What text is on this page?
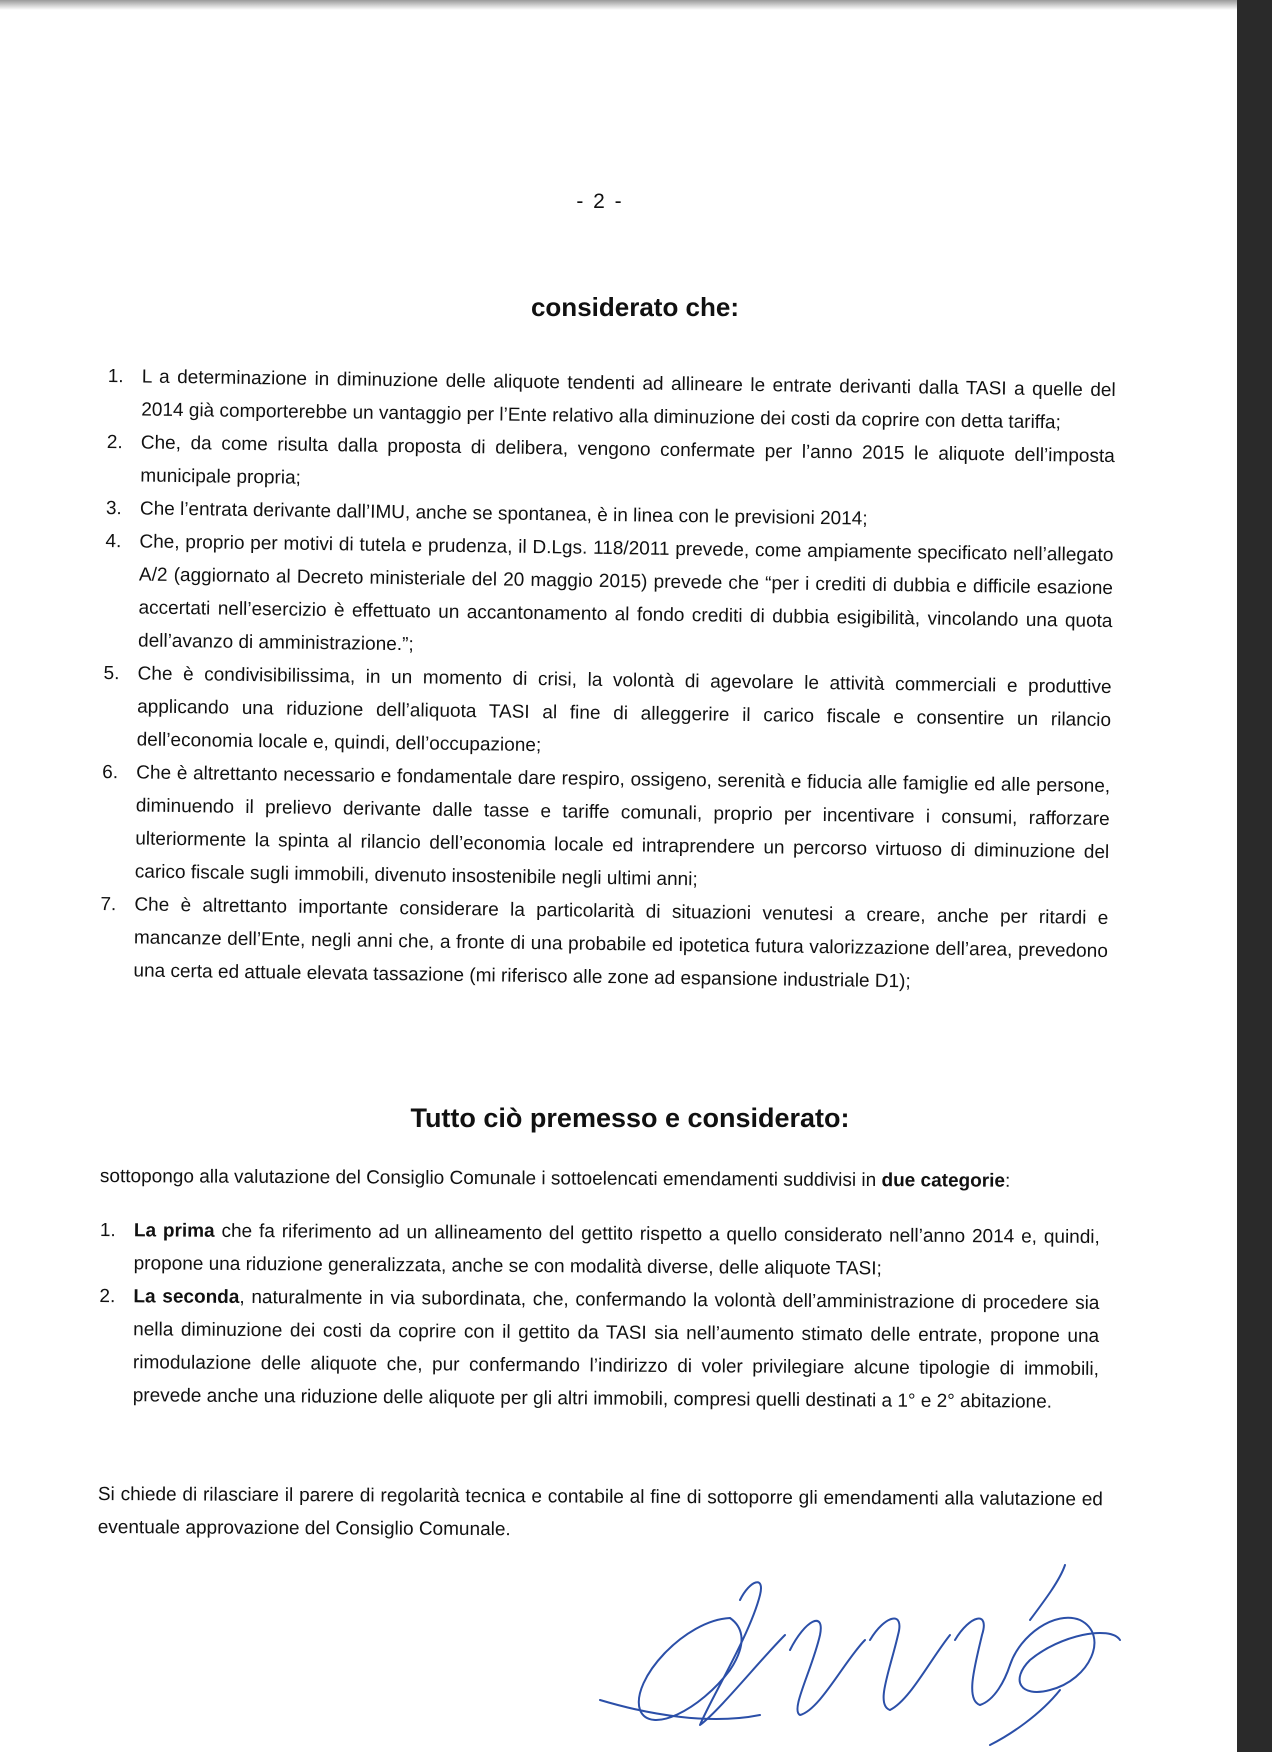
- 2 -
considerato che:
1. L a determinazione in diminuzione delle aliquote tendenti ad allineare le entrate derivanti dalla TASI a quelle del 2014 già comporterebbe un vantaggio per l’Ente relativo alla diminuzione dei costi da coprire con detta tariffa;
2. Che, da come risulta dalla proposta di delibera, vengono confermate per l’anno 2015 le aliquote dell’imposta municipale propria;
3. Che l’entrata derivante dall’IMU, anche se spontanea, è in linea con le previsioni 2014;
4. Che, proprio per motivi di tutela e prudenza, il D.Lgs. 118/2011 prevede, come ampiamente specificato nell’allegato A/2 (aggiornato al Decreto ministeriale del 20 maggio 2015) prevede che “per i crediti di dubbia e difficile esazione accertati nell’esercizio è effettuato un accantonamento al fondo crediti di dubbia esigibilità, vincolando una quota dell’avanzo di amministrazione.”;
5. Che è condivisibilissima, in un momento di crisi, la volontà di agevolare le attività commerciali e produttive applicando una riduzione dell’aliquota TASI al fine di alleggerire il carico fiscale e consentire un rilancio dell’economia locale e, quindi, dell’occupazione;
6. Che è altrettanto necessario e fondamentale dare respiro, ossigeno, serenità e fiducia alle famiglie ed alle persone, diminuendo il prelievo derivante dalle tasse e tariffe comunali, proprio per incentivare i consumi, rafforzare ulteriormente la spinta al rilancio dell’economia locale ed intraprendere un percorso virtuoso di diminuzione del carico fiscale sugli immobili, divenuto insostenibile negli ultimi anni;
7. Che è altrettanto importante considerare la particolarità di situazioni venutesi a creare, anche per ritardi e mancanze dell’Ente, negli anni che, a fronte di una probabile ed ipotetica futura valorizzazione dell’area, prevedono una certa ed attuale elevata tassazione (mi riferisco alle zone ad espansione industriale D1);
Tutto ciò premesso e considerato:
sottopongo alla valutazione del Consiglio Comunale i sottoelencati emendamenti suddivisi in due categorie:
1. La prima che fa riferimento ad un allineamento del gettito rispetto a quello considerato nell’anno 2014 e, quindi, propone una riduzione generalizzata, anche se con modalità diverse, delle aliquote TASI;
2. La seconda, naturalmente in via subordinata, che, confermando la volontà dell’amministrazione di procedere sia nella diminuzione dei costi da coprire con il gettito da TASI sia nell’aumento stimato delle entrate, propone una rimodulazione delle aliquote che, pur confermando l’indirizzo di voler privilegiare alcune tipologie di immobili, prevede anche una riduzione delle aliquote per gli altri immobili, compresi quelli destinati a 1° e 2° abitazione.
Si chiede di rilasciare il parere di regolarità tecnica e contabile al fine di sottoporre gli emendamenti alla valutazione ed eventuale approvazione del Consiglio Comunale.
